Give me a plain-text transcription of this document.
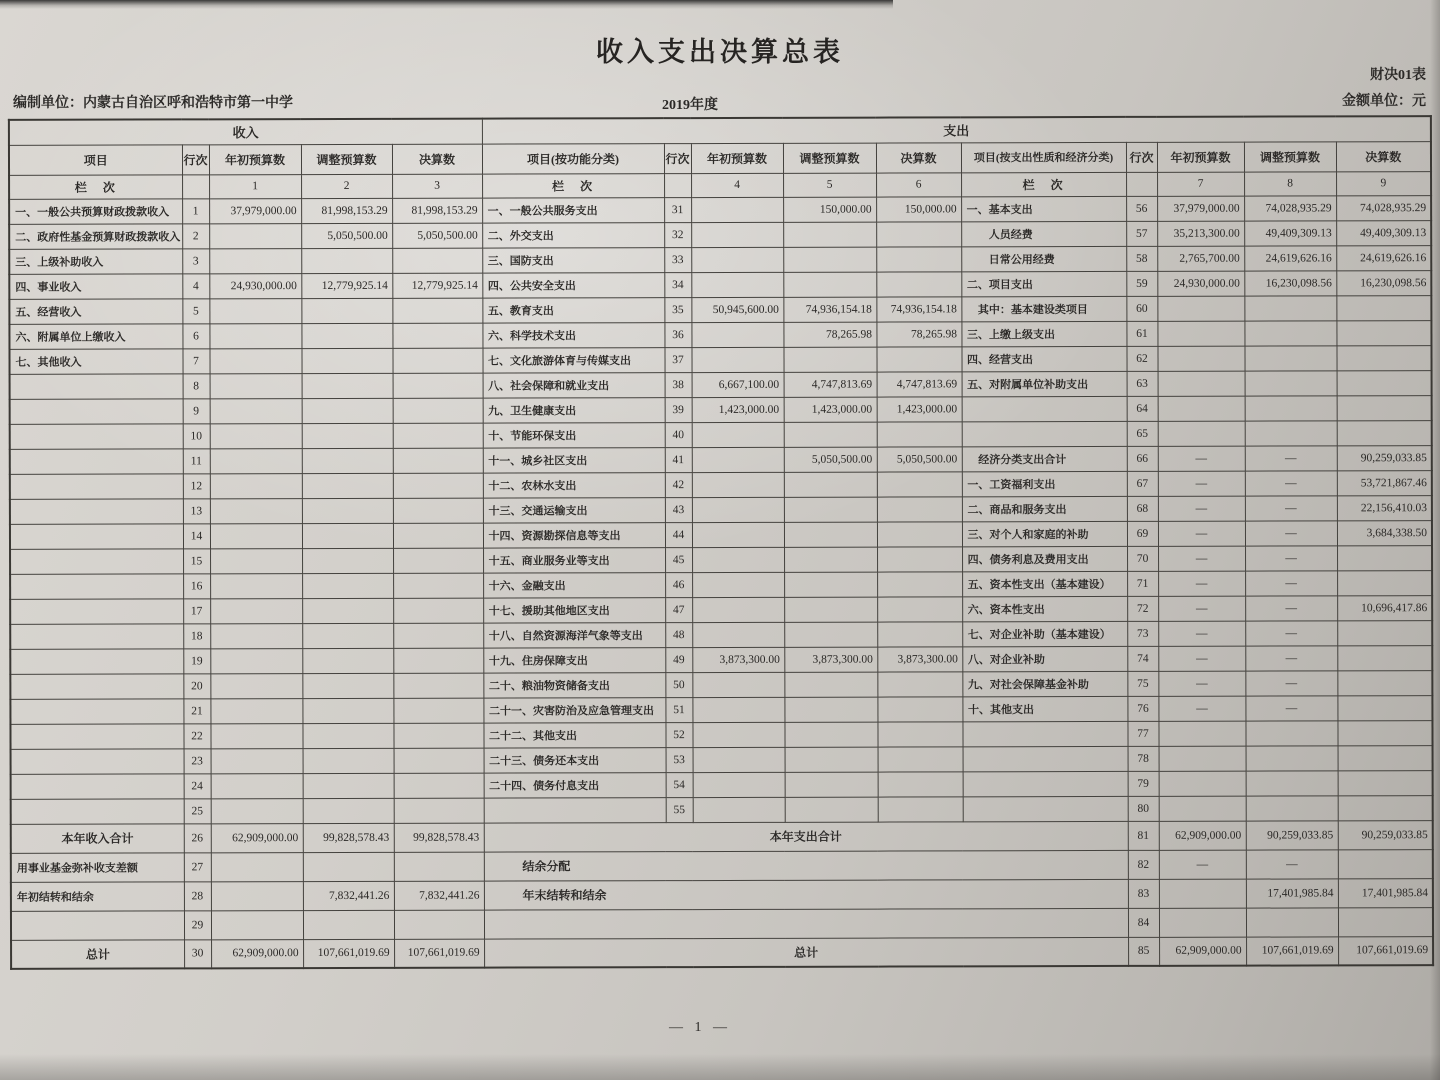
收入支出决算总表
财决01表
编制单位：内蒙古自治区呼和浩特市第一中学	2019年度	金额单位：元
收入					支出									
项目	行次	年初预算数	调整预算数	决算数	项目(按功能分类)	行次	年初预算数	调整预算数	决算数	项目(按支出性质和经济分类)	行次	年初预算数	调整预算数	决算数
栏　次		1	2	3	栏　次		4	5	6	栏　次		7	8	9
一、一般公共预算财政拨款收入	1	37,979,000.00	81,998,153.29	81,998,153.29	一、一般公共服务支出	31		150,000.00	150,000.00	一、基本支出	56	37,979,000.00	74,028,935.29	74,028,935.29
二、政府性基金预算财政拨款收入	2		5,050,500.00	5,050,500.00	二、外交支出	32				　　人员经费	57	35,213,300.00	49,409,309.13	49,409,309.13
三、上级补助收入	3				三、国防支出	33				　　日常公用经费	58	2,765,700.00	24,619,626.16	24,619,626.16
四、事业收入	4	24,930,000.00	12,779,925.14	12,779,925.14	四、公共安全支出	34				二、项目支出	59	24,930,000.00	16,230,098.56	16,230,098.56
五、经营收入	5				五、教育支出	35	50,945,600.00	74,936,154.18	74,936,154.18	　其中：基本建设类项目	60			
六、附属单位上缴收入	6				六、科学技术支出	36		78,265.98	78,265.98	三、上缴上级支出	61			
七、其他收入	7				七、文化旅游体育与传媒支出	37				四、经营支出	62			
	8				八、社会保障和就业支出	38	6,667,100.00	4,747,813.69	4,747,813.69	五、对附属单位补助支出	63			
	9				九、卫生健康支出	39	1,423,000.00	1,423,000.00	1,423,000.00		64			
	10				十、节能环保支出	40					65			
	11				十一、城乡社区支出	41		5,050,500.00	5,050,500.00	　经济分类支出合计	66	—	—	90,259,033.85
	12				十二、农林水支出	42				一、工资福利支出	67	—	—	53,721,867.46
	13				十三、交通运输支出	43				二、商品和服务支出	68	—	—	22,156,410.03
	14				十四、资源勘探信息等支出	44				三、对个人和家庭的补助	69	—	—	3,684,338.50
	15				十五、商业服务业等支出	45				四、债务利息及费用支出	70	—	—	
	16				十六、金融支出	46				五、资本性支出（基本建设）	71	—	—	
	17				十七、援助其他地区支出	47				六、资本性支出	72	—	—	10,696,417.86
	18				十八、自然资源海洋气象等支出	48				七、对企业补助（基本建设）	73	—	—	
	19				十九、住房保障支出	49	3,873,300.00	3,873,300.00	3,873,300.00	八、对企业补助	74	—	—	
	20				二十、粮油物资储备支出	50				九、对社会保障基金补助	75	—	—	
	21				二十一、灾害防治及应急管理支出	51				十、其他支出	76	—	—	
	22				二十二、其他支出	52					77			
	23				二十三、债务还本支出	53					78			
	24				二十四、债务付息支出	54					79			
	25					55					80			
本年收入合计	26	62,909,000.00	99,828,578.43	99,828,578.43	本年支出合计						81	62,909,000.00	90,259,033.85	90,259,033.85
用事业基金弥补收支差额	27				结余分配						82	—	—	
年初结转和结余	28		7,832,441.26	7,832,441.26	年末结转和结余						83		17,401,985.84	17,401,985.84
	29										84			
总计	30	62,909,000.00	107,661,019.69	107,661,019.69	总计						85	62,909,000.00	107,661,019.69	107,661,019.69
— 1 —
